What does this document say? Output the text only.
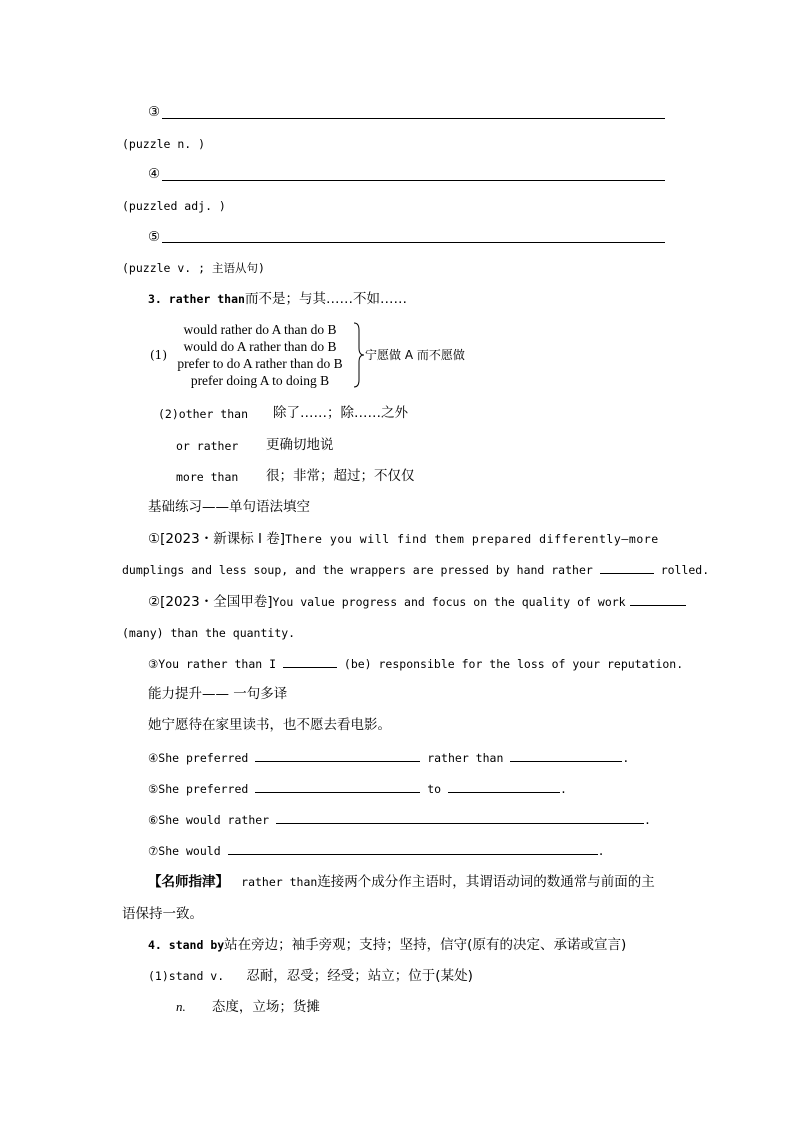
③
(puzzle n. )
④
(puzzled adj. )
⑤
(puzzle v. ; 主语从句)
3. rather than而不是；与其……不如……
(1)
would rather do A than do B
would do A rather than do B
prefer to do A rather than do B
prefer doing A to doing B
宁愿做 A 而不愿做
(2)other than 除了……；除……之外
or rather 更确切地说
more than 很；非常；超过；不仅仅
基础练习——单句语法填空
①[2023・新课标 Ⅰ 卷]There you will find them prepared differently—more
dumplings and less soup, and the wrappers are pressed by hand rather	rolled.
②[2023・全国甲卷]You value progress and focus on the quality of work
(many) than the quantity.
③You rather than I	(be) responsible for the loss of your reputation.
能力提升—— 一句多译
她宁愿待在家里读书，也不愿去看电影。
④She preferred	rather than	.
⑤She preferred	to	.
⑥She would rather	.
⑦She would	.
【名师指津】 rather than连接两个成分作主语时，其谓语动词的数通常与前面的主
语保持一致。
4. stand by站在旁边；袖手旁观；支持；坚持，信守(原有的决定、承诺或宣言)
(1)stand v. 忍耐，忍受；经受；站立；位于(某处)
n. 态度，立场；货摊
